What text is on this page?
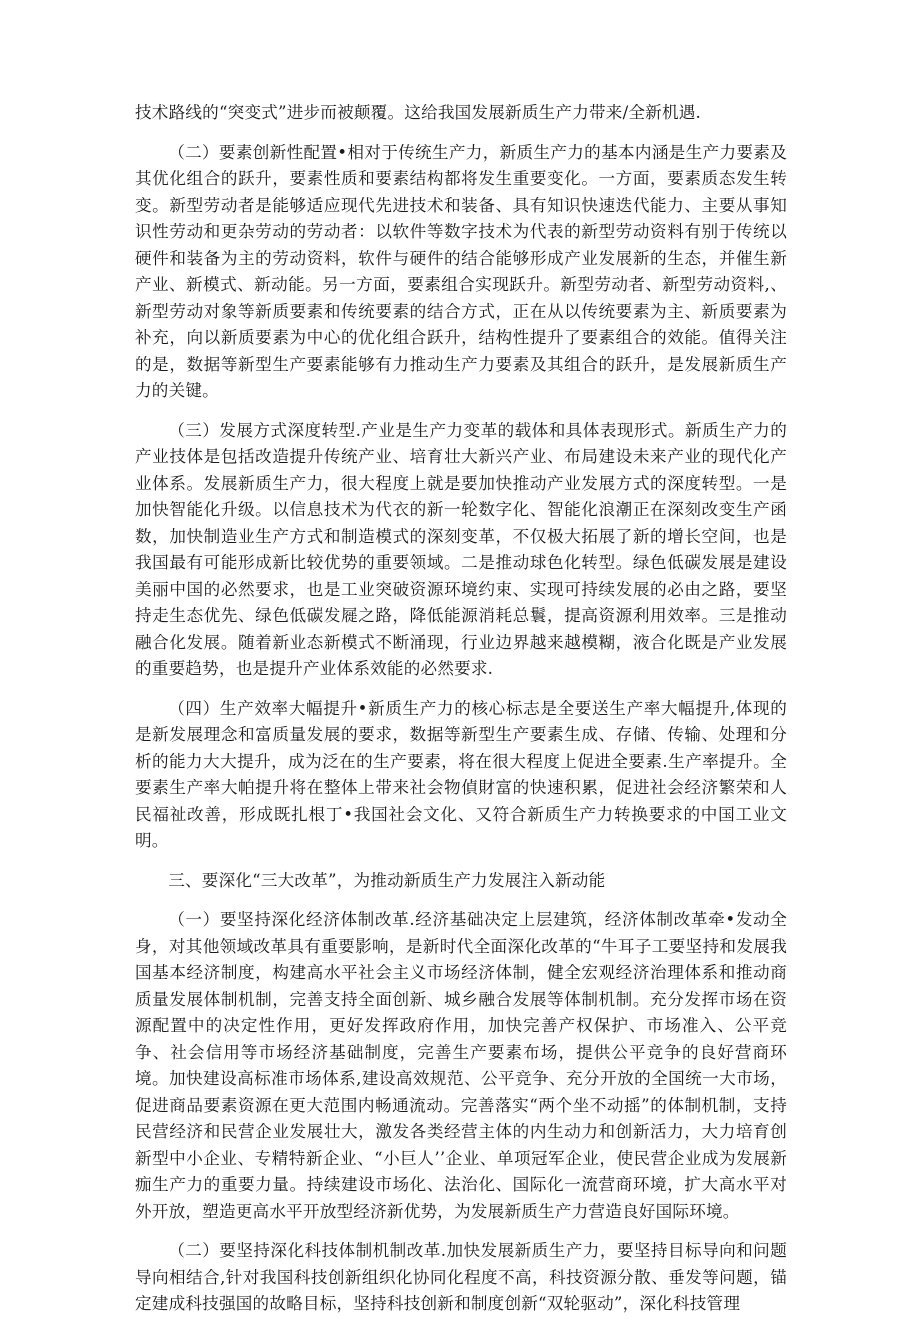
技术路线的“突变式”进步而被颠覆。这给我国发展新质生产力带来/全新机遇.

（二）要素创新性配置•相对于传统生产力，新质生产力的基本内涵是生产力要素及其优化组合的跃升，要素性质和要素结构都将发生重要变化。一方面，要素质态发生转变。新型劳动者是能够适应现代先进技术和装备、具有知识快速迭代能力、主要从事知识性劳动和更杂劳动的劳动者：以软件等数字技术为代表的新型劳动资料有别于传统以硬件和装备为主的劳动资料，软件与硬件的结合能够形成产业发展新的生态，并催生新产业、新模式、新动能。另一方面，要素组合实现跃升。新型劳动者、新型劳动资料,、新型劳动对象等新质要素和传统要素的结合方式，正在从以传统要素为主、新质要素为补充，向以新质要素为中心的优化组合跃升，结构性提升了要素组合的效能。值得关注的是，数据等新型生产要素能够有力推动生产力要素及其组合的跃升，是发展新质生产力的关键。

（三）发展方式深度转型.产业是生产力变革的载体和具体表现形式。新质生产力的产业技体是包括改造提升传统产业、培育壮大新兴产业、布局建设未来产业的现代化产业体系。发展新质生产力，很大程度上就是要加快推动产业发展方式的深度转型。一是加快智能化升级。以信息技术为代衣的新一轮数字化、智能化浪潮正在深刻改变生产函数，加快制造业生产方式和制造模式的深刻变革，不仅极大拓展了新的增长空间，也是我国最有可能形成新比较优势的重要领域。二是推动球色化转型。绿色低碳发展是建设美丽中国的必然要求，也是工业突破资源环境约束、实现可持续发展的必由之路，要坚持走生态优先、绿色低碳发屣之路，降低能源消耗总鬟，提高资源利用效率。三是推动融合化发展。随着新业态新模式不断涌现，行业边界越来越模糊，液合化既是产业发展的重要趋势，也是提升产业体系效能的必然要求.

（四）生产效率大幅提升•新质生产力的核心标志是全要送生产率大幅提升,体现的是新发展理念和富质量发展的要求，数据等新型生产要素生成、存储、传输、处理和分析的能力大大提升，成为泛在的生产要素，将在很大程度上促进全要素.生产率提升。全要素生产率大帕提升将在整体上带来社会物偵財富的快速积累，促进社会经济繁荣和人民福祉改善，形成既扎根丁•我国社会文化、又符合新质生产力转换要求的中国工业文明。

三、要深化“三大改革”，为推动新质生产力发展注入新动能

（一）要坚持深化经济体制改革.经济基础决定上层建筑，经济体制改革牵•发动全身，对其他领域改革具有重要影响，是新时代全面深化改革的“牛耳子工要坚持和发展我国基本经济制度，构建高水平社会主义市场经济体制，健全宏观经济治理体系和推动商质量发展体制机制，完善支持全面创新、城乡融合发展等体制机制。充分发挥市场在资源配置中的决定性作用，更好发挥政府作用，加快完善产权保护、市场准入、公平竞争、社会信用等市场经济基础制度，完善生产要素布场，提供公平竞争的良好营商环境。加快建设高标准市场体系,建设高效规范、公平竞争、充分开放的全国统一大市场，促进商品要素资源在更大范围内畅通流动。完善落实“两个坐不动摇”的体制机制，支持民营经济和民营企业发展壮大，激发各类经营主体的内生动力和创新活力，大力培育创新型中小企业、专精特新企业、“小巨人’’企业、单项冠军企业，使民营企业成为发展新痂生产力的重要力量。持续建设市场化、法治化、国际化一流营商环境，扩大高水平对外开放，塑造更高水平开放型经济新优势，为发展新质生产力营造良好国际环境。

（二）要坚持深化科技体制机制改革.加快发展新质生产力，要坚持目标导向和问题导向相结合,针对我国科技创新组织化协同化程度不高，科技资源分散、垂发等问题，锚定建成科技强国的故略目标，坚持科技创新和制度创新“双轮驱动”，深化科技管理
